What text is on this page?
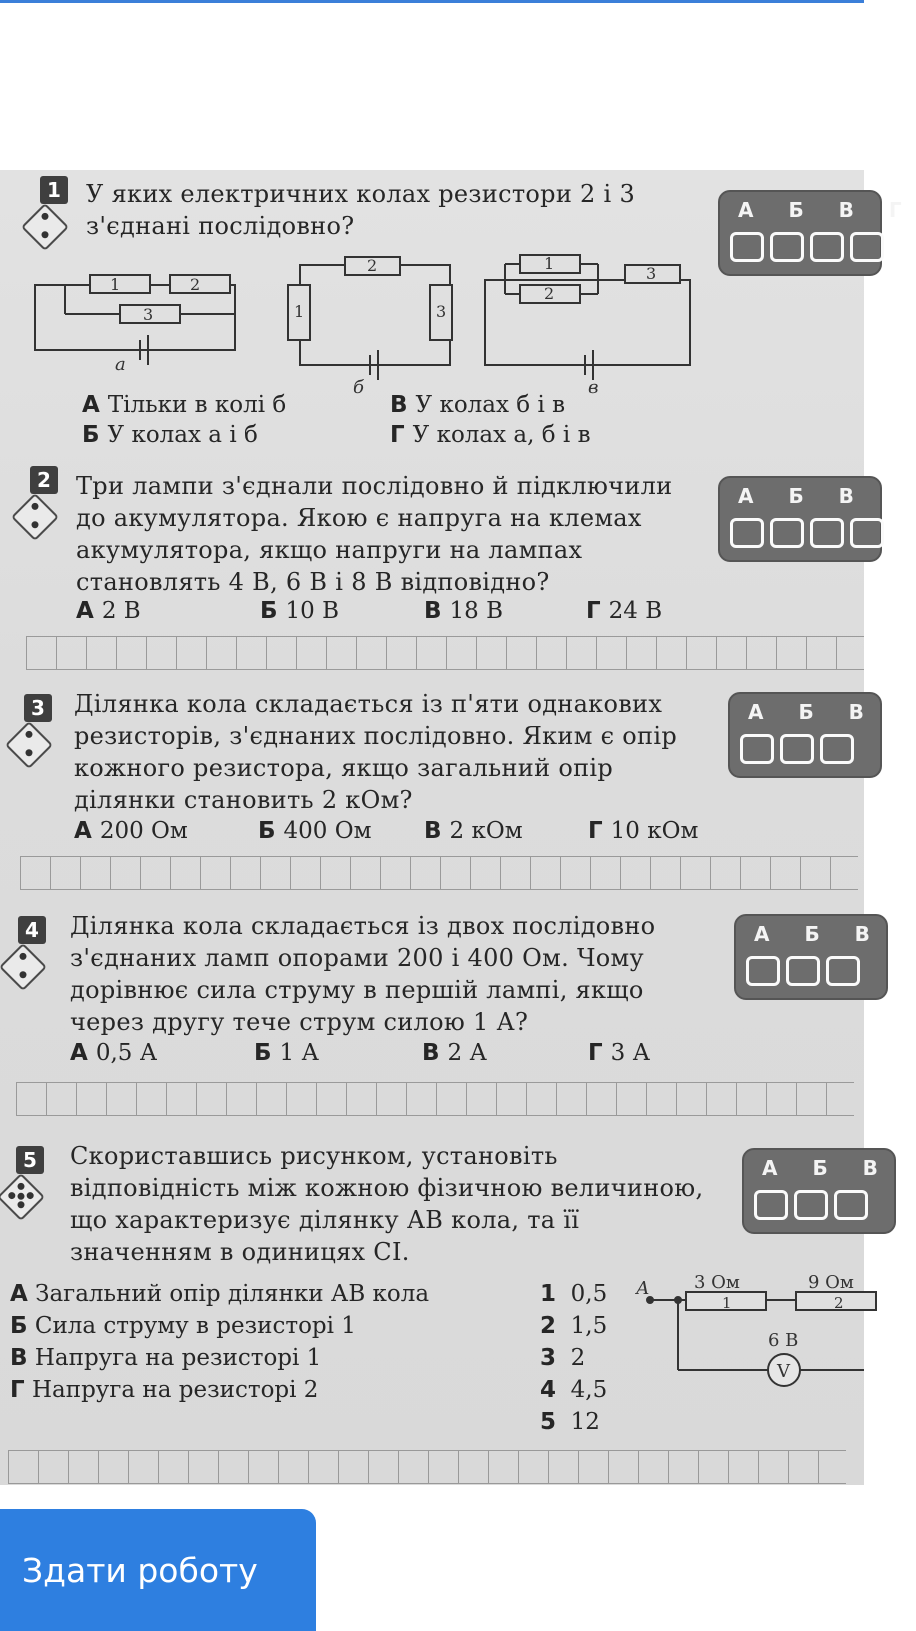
1 У яких електричних колах резистори 2 і 3 з'єднані послідовно?

А Б В Г
1	2
3
2
1	3
1
2
3
а
б	в
А Тільки в колі б
Б У колах а і б
В У колах б і в
Г У колах а, б і в
2 Три лампи з'єднали послідовно й підключили до акумулятора. Якою є напруга на клемах акумулятора, якщо напруги на лампах становлять 4 В, 6 В і 8 В відповідно?

А 2 В	Б 10 В	В 18 В	Г 24 В
А Б В
3 Ділянка кола складається із п'яти однакових резисторів, з'єднаних послідовно. Яким є опір кожного резистора, якщо загальний опір ділянки становить 2 кОм?

А 200 Ом	Б 400 Ом В 2 кОм	Г 10 кОм
А Б В
4 Ділянка кола складається із двох послідовно з'єднаних ламп опорами 200 і 400 Ом. Чому дорівнює сила струму в першій лампі, якщо через другу тече струм силою 1 А?

А 0,5 А	Б 1 А	В 2 А	Г 3 А
А Б В
5 Скориставшись рисунком, установіть відповідність між кожною фізичною величиною, що характеризує ділянку АВ кола, та її значенням в одиницях СІ.

А Б В
А Загальний опір ділянки АВ кола
Б Сила струму в резисторі 1
В Напруга на резисторі 1
Г Напруга на резисторі 2
1 0,5
2 1,5
3 2
4 4,5
5 12
А 3 Ом	9 Ом
1	2
6 В
V
Здати роботу
